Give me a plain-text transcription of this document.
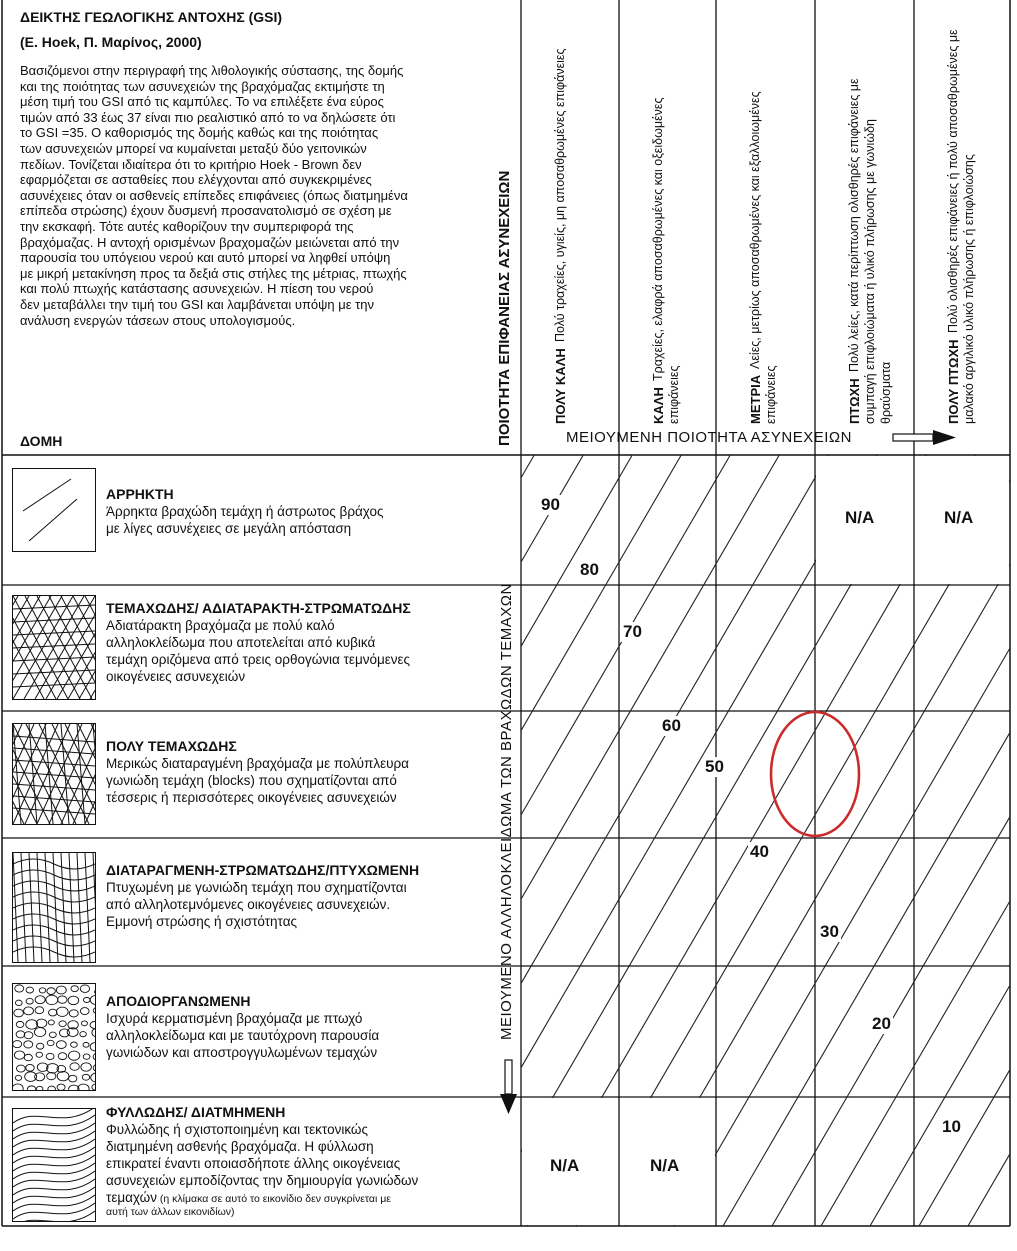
ΔΕΙΚΤΗΣ ΓΕΩΛΟΓΙΚΗΣ ΑΝΤΟΧΗΣ (GSI)
(Ε. Hoek, Π. Μαρίνος, 2000)
Βασιζόμενοι στην περιγραφή της λιθολογικής σύστασης, της δομής
και της ποιότητας των ασυνεχειών της βραχόμαζας εκτιμήστε τη
μέση τιμή του GSI από τις καμπύλες. Το να επιλέξετε ένα εύρος
τιμών από 33 έως 37 είναι πιο ρεαλιστικό από το να δηλώσετε ότι
το GSI =35. Ο καθορισμός της δομής καθώς και της ποιότητας
των ασυνεχειών μπορεί να κυμαίνεται μεταξύ δύο γειτονικών
πεδίων. Τονίζεται ιδιαίτερα ότι το κριτήριο Hoek - Brown δεν
εφαρμόζεται σε ασταθείες που ελέγχονται από συγκεκριμένες
ασυνέχειες όταν οι ασθενείς επίπεδες επιφάνειες (όπως διατμημένα
επίπεδα στρώσης) έχουν δυσμενή προσανατολισμό σε σχέση με
την εκσκαφή. Τότε αυτές καθορίζουν την συμπεριφορά της
βραχόμαζας. Η αντοχή ορισμένων βραχομαζών μειώνεται από την
παρουσία του υπόγειου νερού και αυτό μπορεί να ληφθεί υπόψη
με μικρή μετακίνηση προς τα δεξιά στις στήλες της μέτριας, πτωχής
και πολύ πτωχής κατάστασης ασυνεχειών. Η πίεση του νερού
δεν μεταβάλλει την τιμή του GSI και λαμβάνεται υπόψη με την
ανάλυση ενεργών τάσεων στους υπολογισμούς.
ΔΟΜΗ	ΠΟΙΟΤΗΤΑ ΕΠΙΦΑΝΕΙΑΣ ΑΣΥΝΕΧΕΙΩΝ	ΠΟΛΥ ΚΑΛΗ
Πολύ τραχείες, υγιείς, μη αποσαθρωμένες επιφάνειες
ΚΑΛΗ
Τραχείες, ελαφρά αποσαθρωμένες και οξειδωμένες
επιφάνειες	ΜΕΤΡΙΑ
Λείες, μετρίως αποσαθρωμένες και εξαλλοιωμένες
επιφάνειες	ΠΤΩΧΗ
Πολύ λείες, κατά περίπτωση ολισθηρές επιφάνειες με συμπαγή επιφλοιώματα ή υλικό πλήρωσης με γωνιώδη θραύσματα	ΠΟΛΥ ΠΤΩΧΗ
Πολύ ολισθηρές επιφάνειες ή πολύ αποσαθρωμένες με μαλακό αργιλικό υλικό πλήρωσης ή επιφλοιώσης
ΜΕΙΟΥΜΕΝΗ ΠΟΙΟΤΗΤΑ ΑΣΥΝΕΧΕΙΩΝ
ΜΕΙΟΥΜΕΝΟ ΑΛΛΗΛΟΚΛΕΙΔΩΜΑ ΤΩΝ ΒΡΑΧΩΔΩΝ ΤΕΜΑΧΩΝ
ΑΡΡΗΚΤΗ
Άρρηκτα βραχώδη τεμάχη ή άστρωτος βράχος
με λίγες ασυνέχειες σε μεγάλη απόσταση
ΤΕΜΑΧΩΔΗΣ/ ΑΔΙΑΤΑΡΑΚΤΗ-ΣΤΡΩΜΑΤΩΔΗΣ
Αδιατάρακτη βραχόμαζα με πολύ καλό
αλληλοκλείδωμα που αποτελείται από κυβικά
τεμάχη οριζόμενα από τρεις ορθογώνια τεμνόμενες
οικογένειες ασυνεχειών
ΠΟΛΥ ΤΕΜΑΧΩΔΗΣ
Μερικώς διαταραγμένη βραχόμαζα με πολύπλευρα
γωνιώδη τεμάχη (blocks) που σχηματίζονται από
τέσσερις ή περισσότερες οικογένειες ασυνεχειών
ΔΙΑΤΑΡΑΓΜΕΝΗ-ΣΤΡΩΜΑΤΩΔΗΣ/ΠΤΥΧΩΜΕΝΗ
Πτυχωμένη με γωνιώδη τεμάχη που σχηματίζονται
από αλληλοτεμνόμενες οικογένειες ασυνεχειών.
Εμμονή στρώσης ή σχιστότητας
ΑΠΟΔΙΟΡΓΑΝΩΜΕΝΗ
Ισχυρά κερματισμένη βραχόμαζα με πτωχό
αλληλοκλείδωμα και με ταυτόχρονη παρουσία
γωνιώδων και αποστρογγυλωμένων τεμαχών
ΦΥΛΛΩΔΗΣ/ ΔΙΑΤΜΗΜΕΝΗ
Φυλλώδης ή σχιστοποιημένη και τεκτονικώς
διατμημένη ασθενής βραχόμαζα. Η φύλλωση
επικρατεί έναντι οποιασδήποτε άλλης οικογένειας
ασυνεχειών εμποδίζοντας την δημιουργία γωνιώδων
τεμαχών (η κλίμακα σε αυτό το εικονίδιο δεν συγκρίνεται με
αυτή των άλλων εικονιδίων)
N/A	N/A
N/A	N/A
90
80
70
60
50
40
30
20
10
